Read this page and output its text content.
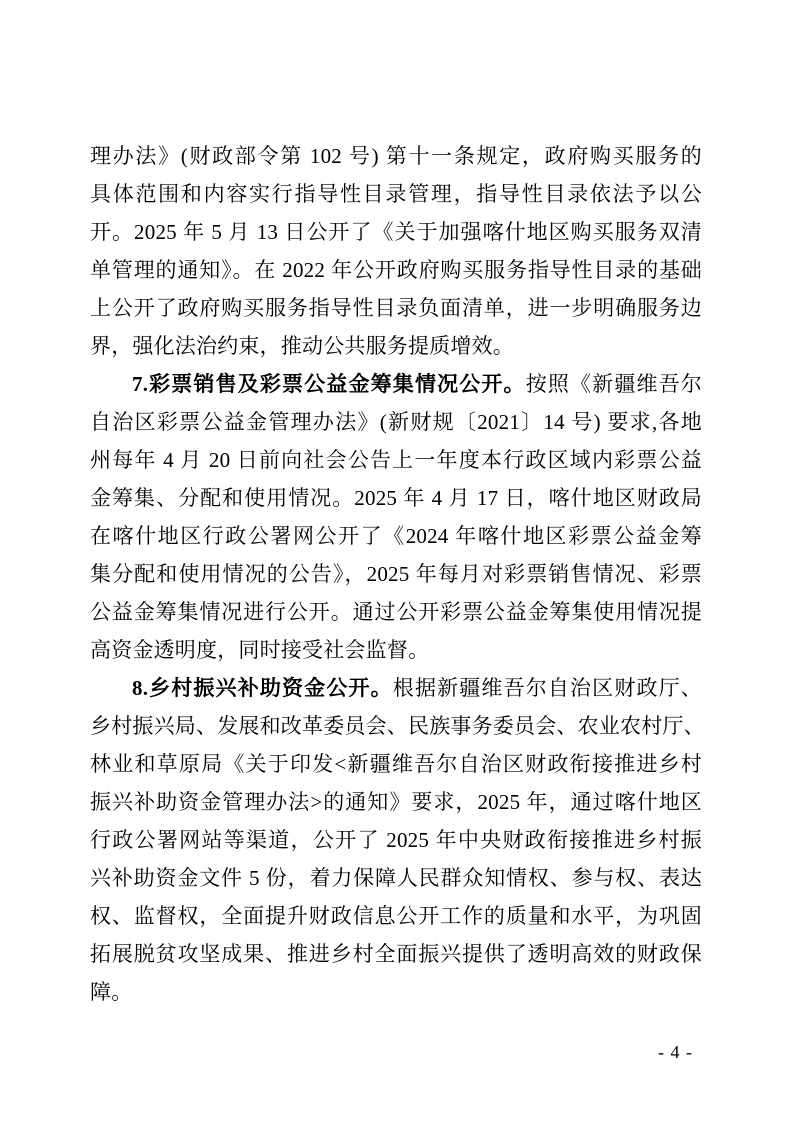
理办法》(财政部令第 102 号) 第十一条规定，政府购买服务的
具体范围和内容实行指导性目录管理，指导性目录依法予以公
开。2025 年 5 月 13 日公开了《关于加强喀什地区购买服务双清
单管理的通知》。在 2022 年公开政府购买服务指导性目录的基础
上公开了政府购买服务指导性目录负面清单，进一步明确服务边
界，强化法治约束，推动公共服务提质增效。
7.彩票销售及彩票公益金筹集情况公开。按照《新疆维吾尔
自治区彩票公益金管理办法》(新财规〔2021〕14 号) 要求,各地
州每年 4 月 20 日前向社会公告上一年度本行政区域内彩票公益
金筹集、分配和使用情况。2025 年 4 月 17 日，喀什地区财政局
在喀什地区行政公署网公开了《2024 年喀什地区彩票公益金筹
集分配和使用情况的公告》，2025 年每月对彩票销售情况、彩票
公益金筹集情况进行公开。通过公开彩票公益金筹集使用情况提
高资金透明度，同时接受社会监督。
8.乡村振兴补助资金公开。根据新疆维吾尔自治区财政厅、
乡村振兴局、发展和改革委员会、民族事务委员会、农业农村厅、
林业和草原局《关于印发<新疆维吾尔自治区财政衔接推进乡村
振兴补助资金管理办法>的通知》要求，2025 年，通过喀什地区
行政公署网站等渠道，公开了 2025 年中央财政衔接推进乡村振
兴补助资金文件 5 份，着力保障人民群众知情权、参与权、表达
权、监督权，全面提升财政信息公开工作的质量和水平，为巩固
拓展脱贫攻坚成果、推进乡村全面振兴提供了透明高效的财政保
障。
- 4 -
